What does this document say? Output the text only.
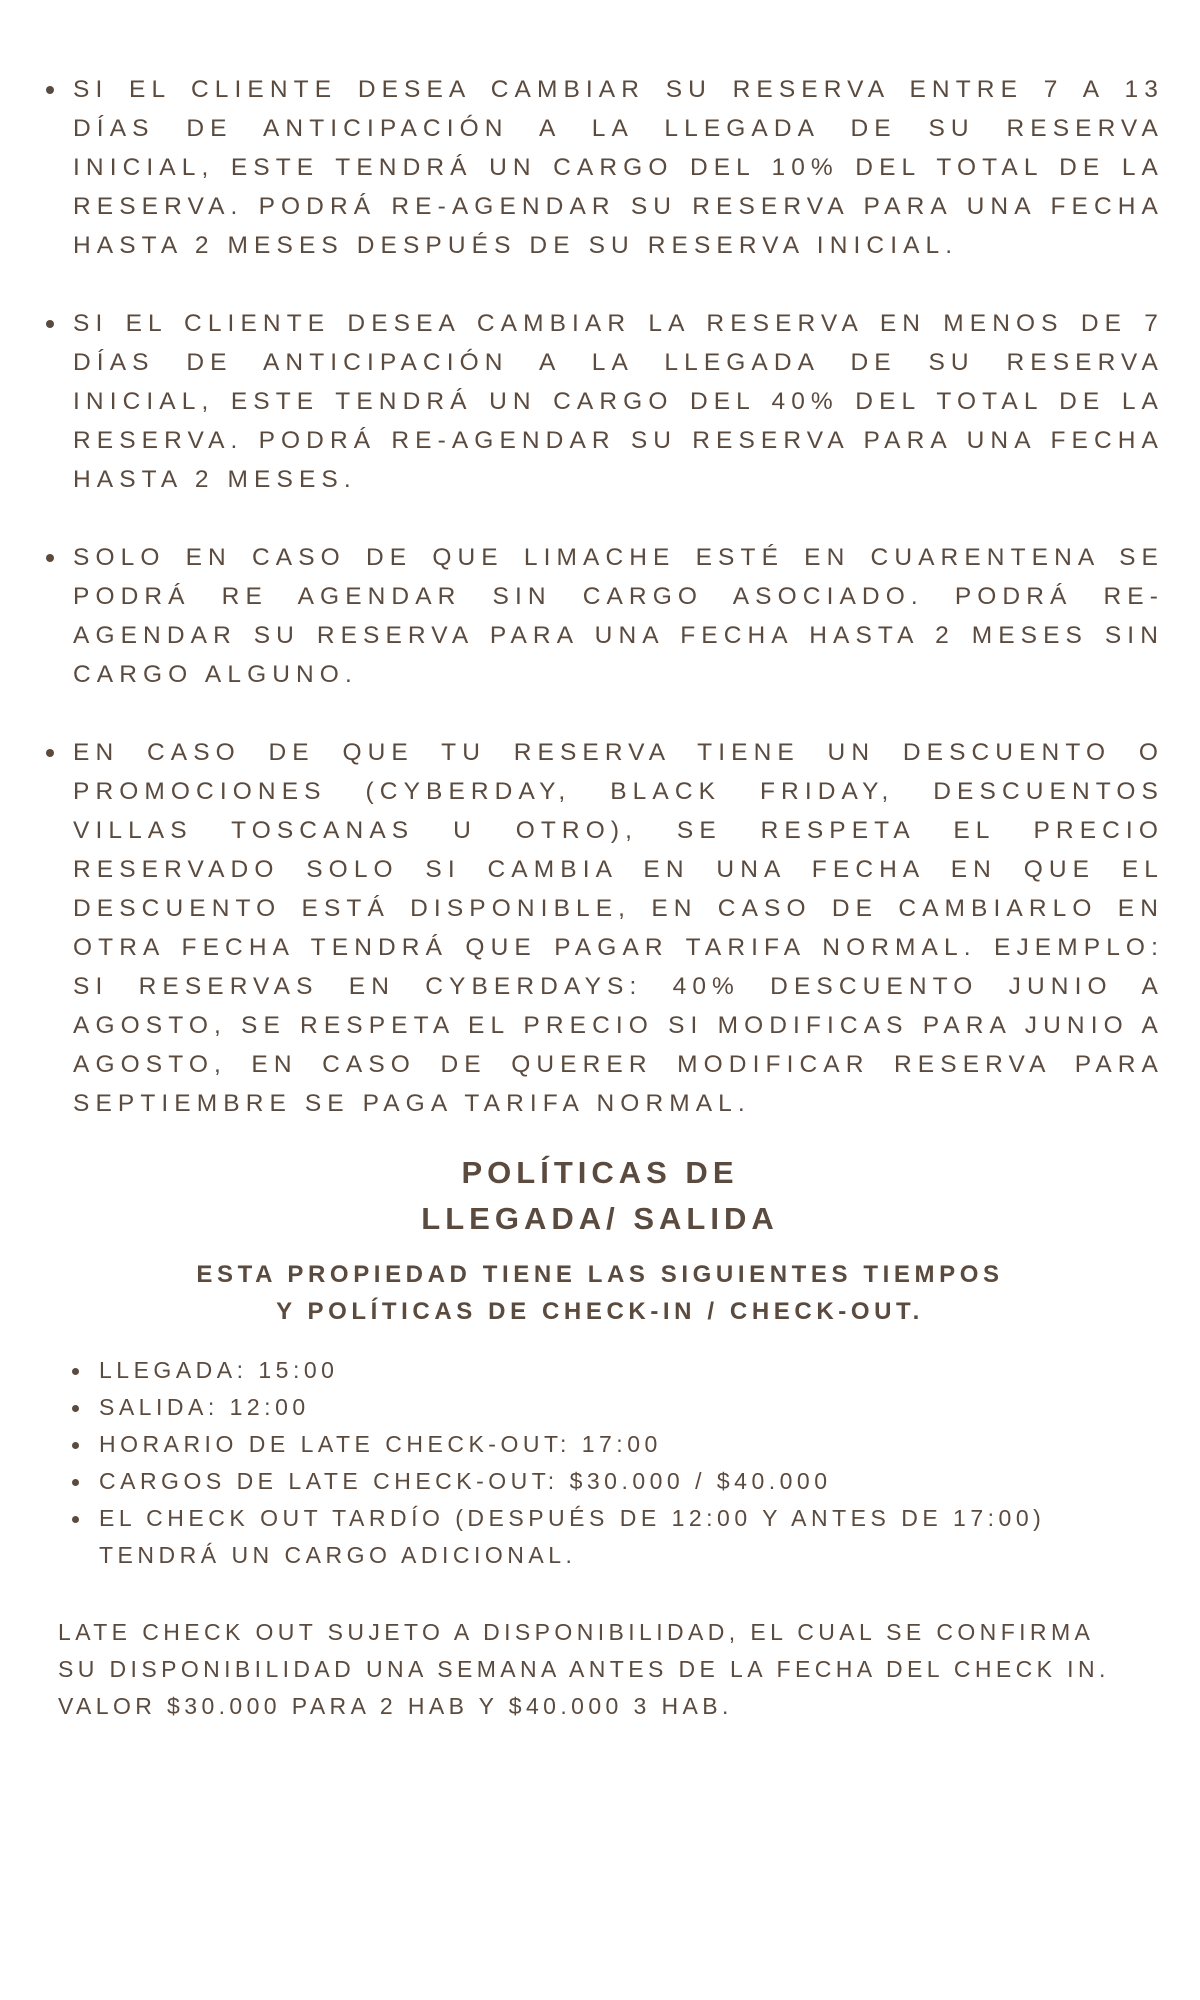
SI EL CLIENTE DESEA CAMBIAR SU RESERVA ENTRE 7 A 13 DÍAS DE ANTICIPACIÓN A LA LLEGADA DE SU RESERVA INICIAL, ESTE TENDRÁ UN CARGO DEL 10% DEL TOTAL DE LA RESERVA. PODRÁ RE-AGENDAR SU RESERVA PARA UNA FECHA HASTA 2 MESES DESPUÉS DE SU RESERVA INICIAL.
SI EL CLIENTE DESEA CAMBIAR LA RESERVA EN MENOS DE 7 DÍAS DE ANTICIPACIÓN A LA LLEGADA DE SU RESERVA INICIAL, ESTE TENDRÁ UN CARGO DEL 40% DEL TOTAL DE LA RESERVA. PODRÁ RE-AGENDAR SU RESERVA PARA UNA FECHA HASTA 2 MESES.
SOLO EN CASO DE QUE LIMACHE ESTÉ EN CUARENTENA SE PODRÁ RE AGENDAR SIN CARGO ASOCIADO. PODRÁ RE-AGENDAR SU RESERVA PARA UNA FECHA HASTA 2 MESES SIN CARGO ALGUNO.
EN CASO DE QUE TU RESERVA TIENE UN DESCUENTO O PROMOCIONES (CYBERDAY, BLACK FRIDAY, DESCUENTOS VILLAS TOSCANAS U OTRO), SE RESPETA EL PRECIO RESERVADO SOLO SI CAMBIA EN UNA FECHA EN QUE EL DESCUENTO ESTÁ DISPONIBLE, EN CASO DE CAMBIARLO EN OTRA FECHA TENDRÁ QUE PAGAR TARIFA NORMAL. EJEMPLO: SI RESERVAS EN CYBERDAYS: 40% DESCUENTO JUNIO A AGOSTO, SE RESPETA EL PRECIO SI MODIFICAS PARA JUNIO A AGOSTO, EN CASO DE QUERER MODIFICAR RESERVA PARA SEPTIEMBRE SE PAGA TARIFA NORMAL.
POLÍTICAS DE
LLEGADA/ SALIDA
ESTA PROPIEDAD TIENE LAS SIGUIENTES TIEMPOS
Y POLÍTICAS DE CHECK-IN / CHECK-OUT.
LLEGADA: 15:00
SALIDA: 12:00
HORARIO DE LATE CHECK-OUT: 17:00
CARGOS DE LATE CHECK-OUT: $30.000 / $40.000
EL CHECK OUT TARDÍO (DESPUÉS DE 12:00 Y ANTES DE 17:00) TENDRÁ UN CARGO ADICIONAL.
LATE CHECK OUT SUJETO A DISPONIBILIDAD, EL CUAL SE CONFIRMA
SU DISPONIBILIDAD UNA SEMANA ANTES DE LA FECHA DEL CHECK IN.
VALOR $30.000 PARA 2 HAB Y $40.000 3 HAB.
